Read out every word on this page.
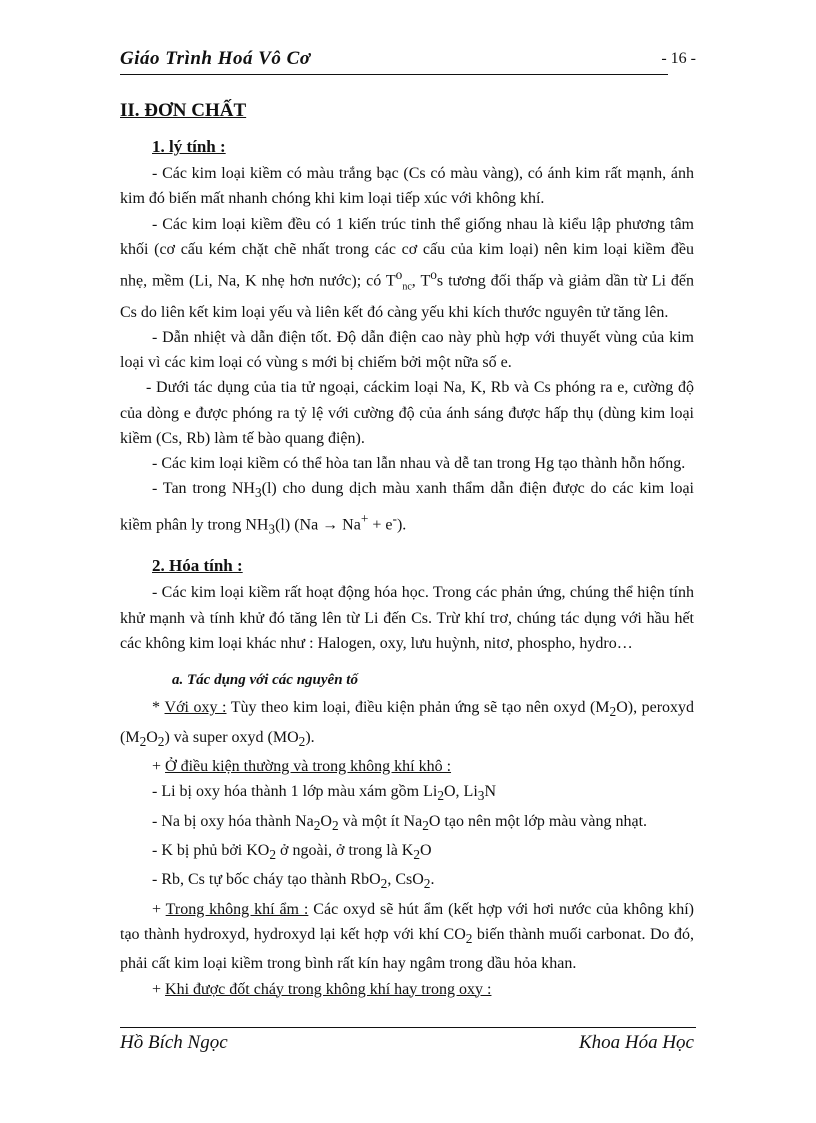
Giáo Trình Hoá Vô Cơ	- 16 -

II. ĐƠN CHẤT

1. lý tính :

- Các kim loại kiềm có màu trắng bạc (Cs có màu vàng), có ánh kim rất mạnh, ánh kim đó biến mất nhanh chóng khi kim loại tiếp xúc với không khí.

- Các kim loại kiềm đều có 1 kiến trúc tinh thể giống nhau là kiểu lập phương tâm khối (cơ cấu kém chặt chẽ nhất trong các cơ cấu của kim loại) nên kim loại kiềm đều nhẹ, mềm (Li, Na, K nhẹ hơn nước); có $T^o_{nc}$, $T^os$ tương đối thấp và giảm dần từ Li đến Cs do liên kết kim loại yếu và liên kết đó càng yếu khi kích thước nguyên tử tăng lên.

- Dẫn nhiệt và dẫn điện tốt. Độ dẫn điện cao này phù hợp với thuyết vùng của kim loại vì các kim loại có vùng s mới bị chiếm bởi một nữa số e.

- Dưới tác dụng của tia tử ngoại, cáckim loại Na, K, Rb và Cs phóng ra e, cường độ của dòng e được phóng ra tỷ lệ với cường độ của ánh sáng được hấp thụ (dùng kim loại kiềm (Cs, Rb) làm tế bào quang điện).

- Các kim loại kiềm có thể hòa tan lẫn nhau và dễ tan trong Hg tạo thành hỗn hống.

- Tan trong $NH_3(l)$ cho dung dịch màu xanh thẩm dẫn điện được do các kim loại kiềm phân ly trong $NH_3(l) (Na \to Na^+ + e^-)$.

2. Hóa tính :

- Các kim loại kiềm rất hoạt động hóa học. Trong các phản ứng, chúng thể hiện tính khử mạnh và tính khử đó tăng lên từ Li đến Cs. Trừ khí trơ, chúng tác dụng với hầu hết các không kim loại khác như : Halogen, oxy, lưu huỳnh, nitơ, phospho, hydro…

a. Tác dụng với các nguyên tố

* Với oxy : Tùy theo kim loại, điều kiện phản ứng sẽ tạo nên oxyd $(M_2O)$, peroxyd $(M_2O_2)$ và super oxyd $(MO_2)$.

+ Ở điều kiện thường và trong không khí khô :

- Li bị oxy hóa thành 1 lớp màu xám gồm $Li_2O$, $Li_3N$

- Na bị oxy hóa thành $Na_2O_2$ và một ít $Na_2O$ tạo nên một lớp màu vàng nhạt.

- K bị phủ bởi $KO_2$ ở ngoài, ở trong là $K_2O$

- Rb, Cs tự bốc cháy tạo thành RbO$_2$, CsO$_2$.

+ Trong không khí ẩm : Các oxyd sẽ hút ẩm (kết hợp với hơi nước của không khí) tạo thành hydroxyd, hydroxyd lại kết hợp với khí $CO_2$ biến thành muối carbonat. Do đó, phải cất kim loại kiềm trong bình rất kín hay ngâm trong dầu hỏa khan.

+ Khi được đốt cháy trong không khí hay trong oxy :

Hồ Bích Ngọc	Khoa Hóa Học
